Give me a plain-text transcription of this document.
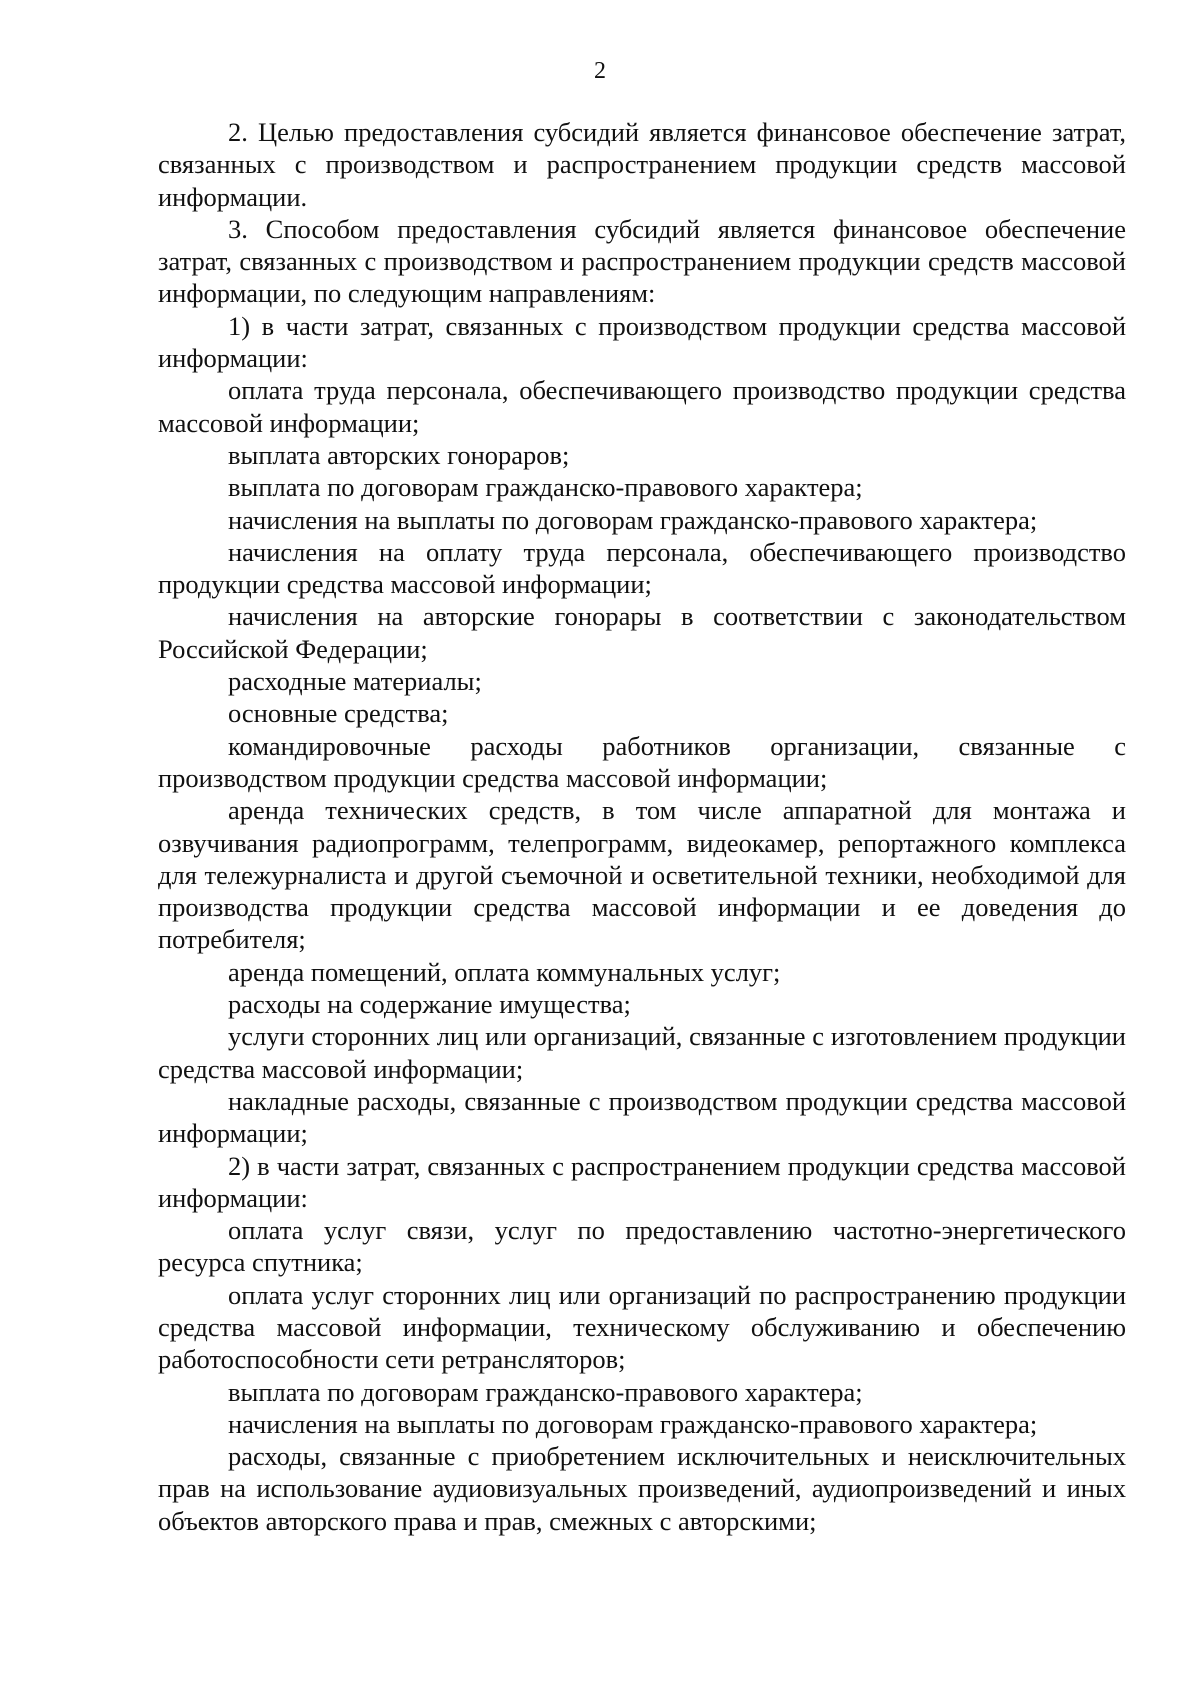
2

2. Целью предоставления субсидий является финансовое обеспечение затрат, связанных с производством и распространением продукции средств массовой информации.

3. Способом предоставления субсидий является финансовое обеспечение затрат, связанных с производством и распространением продукции средств массовой информации, по следующим направлениям:

1) в части затрат, связанных с производством продукции средства массовой информации:

оплата труда персонала, обеспечивающего производство продукции средства массовой информации;

выплата авторских гонораров;

выплата по договорам гражданско-правового характера;

начисления на выплаты по договорам гражданско-правового характера;

начисления на оплату труда персонала, обеспечивающего производство продукции средства массовой информации;

начисления на авторские гонорары в соответствии с законодательством Российской Федерации;

расходные материалы;

основные средства;

командировочные расходы работников организации, связанные с производством продукции средства массовой информации;

аренда технических средств, в том числе аппаратной для монтажа и озвучивания радиопрограмм, телепрограмм, видеокамер, репортажного комплекса для тележурналиста и другой съемочной и осветительной техники, необходимой для производства продукции средства массовой информации и ее доведения до потребителя;

аренда помещений, оплата коммунальных услуг;

расходы на содержание имущества;

услуги сторонних лиц или организаций, связанные с изготовлением продукции средства массовой информации;

накладные расходы, связанные с производством продукции средства массовой информации;

2) в части затрат, связанных с распространением продукции средства массовой информации:

оплата услуг связи, услуг по предоставлению частотно-энергетического ресурса спутника;

оплата услуг сторонних лиц или организаций по распространению продукции средства массовой информации, техническому обслуживанию и обеспечению работоспособности сети ретрансляторов;

выплата по договорам гражданско-правового характера;

начисления на выплаты по договорам гражданско-правового характера;

расходы, связанные с приобретением исключительных и неисключительных прав на использование аудиовизуальных произведений, аудиопроизведений и иных объектов авторского права и прав, смежных с авторскими;
